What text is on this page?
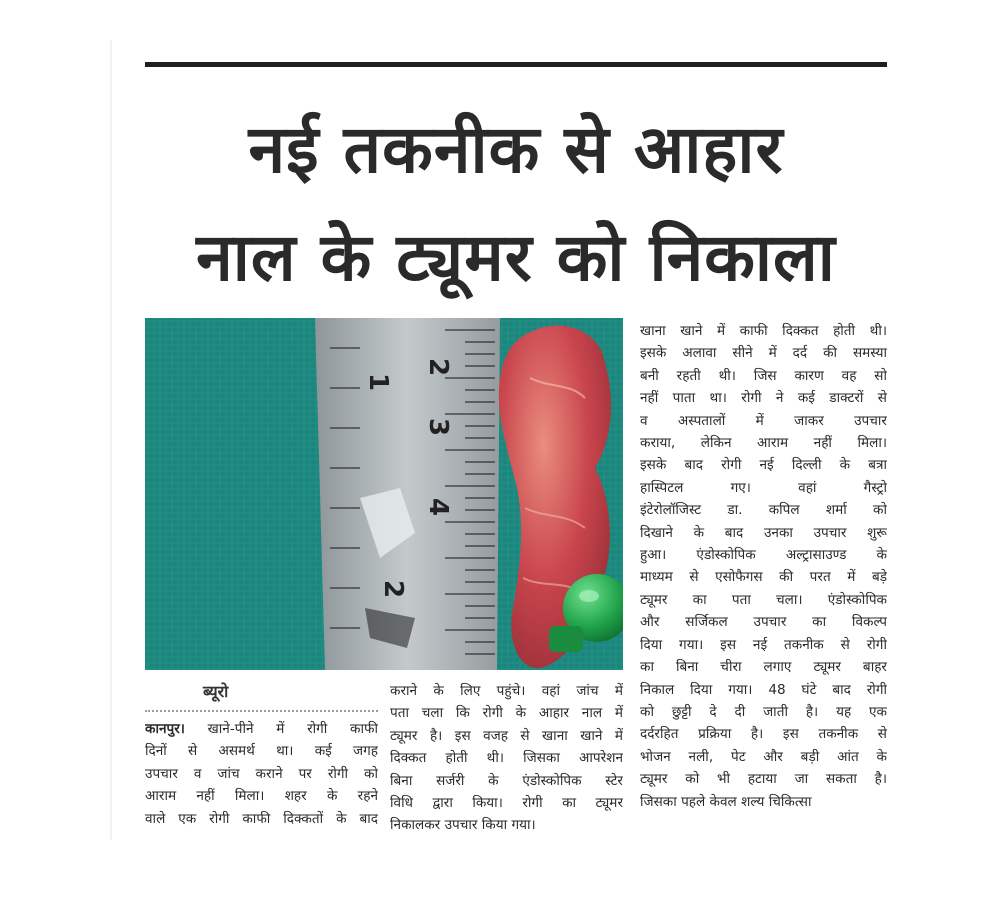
नई तकनीक से आहार
नाल के ट्यूमर को निकाला
2
1
3
4
2
ब्यूरो
कानपुर। खाने-पीने में रोगी काफी
दिनों से असमर्थ था। कई जगह
उपचार व जांच कराने पर रोगी को
आराम नहीं मिला। शहर के रहने
वाले एक रोगी काफी दिक्कतों के बाद
कराने के लिए पहुंचे। वहां जांच में
पता चला कि रोगी के आहार नाल में
ट्यूमर है। इस वजह से खाना खाने में
दिक्कत होती थी। जिसका आपरेशन
बिना सर्जरी के एंडोस्कोपिक स्टेर
विधि द्वारा किया। रोगी का ट्यूमर
निकालकर उपचार किया गया।
खाना खाने में काफी दिक्कत होती थी।
इसके अलावा सीने में दर्द की समस्या
बनी रहती थी। जिस कारण वह सो
नहीं पाता था। रोगी ने कई डाक्टरों से
व अस्पतालों में जाकर उपचार
कराया, लेकिन आराम नहीं मिला।
इसके बाद रोगी नई दिल्ली के बत्रा
हास्पिटल गए। वहां गैस्ट्रो
इंटेरोलॉजिस्ट डा. कपिल शर्मा को
दिखाने के बाद उनका उपचार शुरू
हुआ। एंडोस्कोपिक अल्ट्रासाउण्ड के
माध्यम से एसोफैगस की परत में बड़े
ट्यूमर का पता चला। एंडोस्कोपिक
और सर्जिकल उपचार का विकल्प
दिया गया। इस नई तकनीक से रोगी
का बिना चीरा लगाए ट्यूमर बाहर
निकाल दिया गया। 48 घंटे बाद रोगी
को छुट्टी दे दी जाती है। यह एक
दर्दरहित प्रक्रिया है। इस तकनीक से
भोजन नली, पेट और बड़ी आंत के
ट्यूमर को भी हटाया जा सकता है।
जिसका पहले केवल शल्य चिकित्सा
